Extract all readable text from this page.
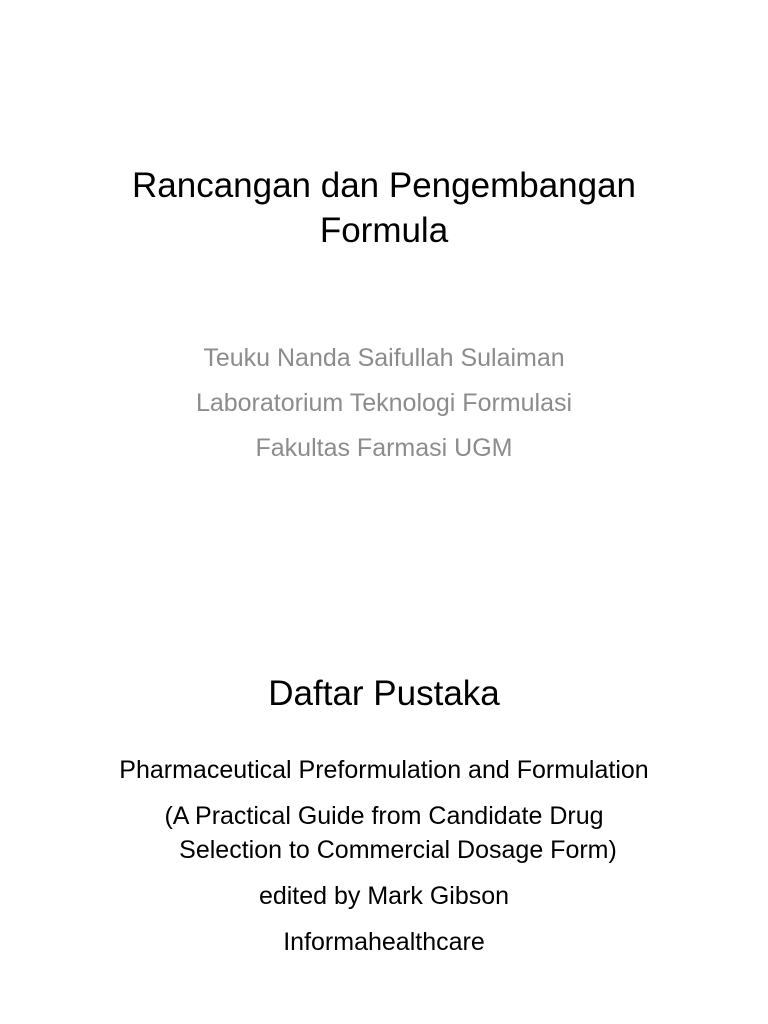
Rancangan dan Pengembangan
Formula
Teuku Nanda Saifullah Sulaiman
Laboratorium Teknologi Formulasi
Fakultas Farmasi UGM
Daftar Pustaka
Pharmaceutical Preformulation and Formulation
(A Practical Guide from Candidate Drug
Selection to Commercial Dosage Form)
edited by Mark Gibson
Informahealthcare
